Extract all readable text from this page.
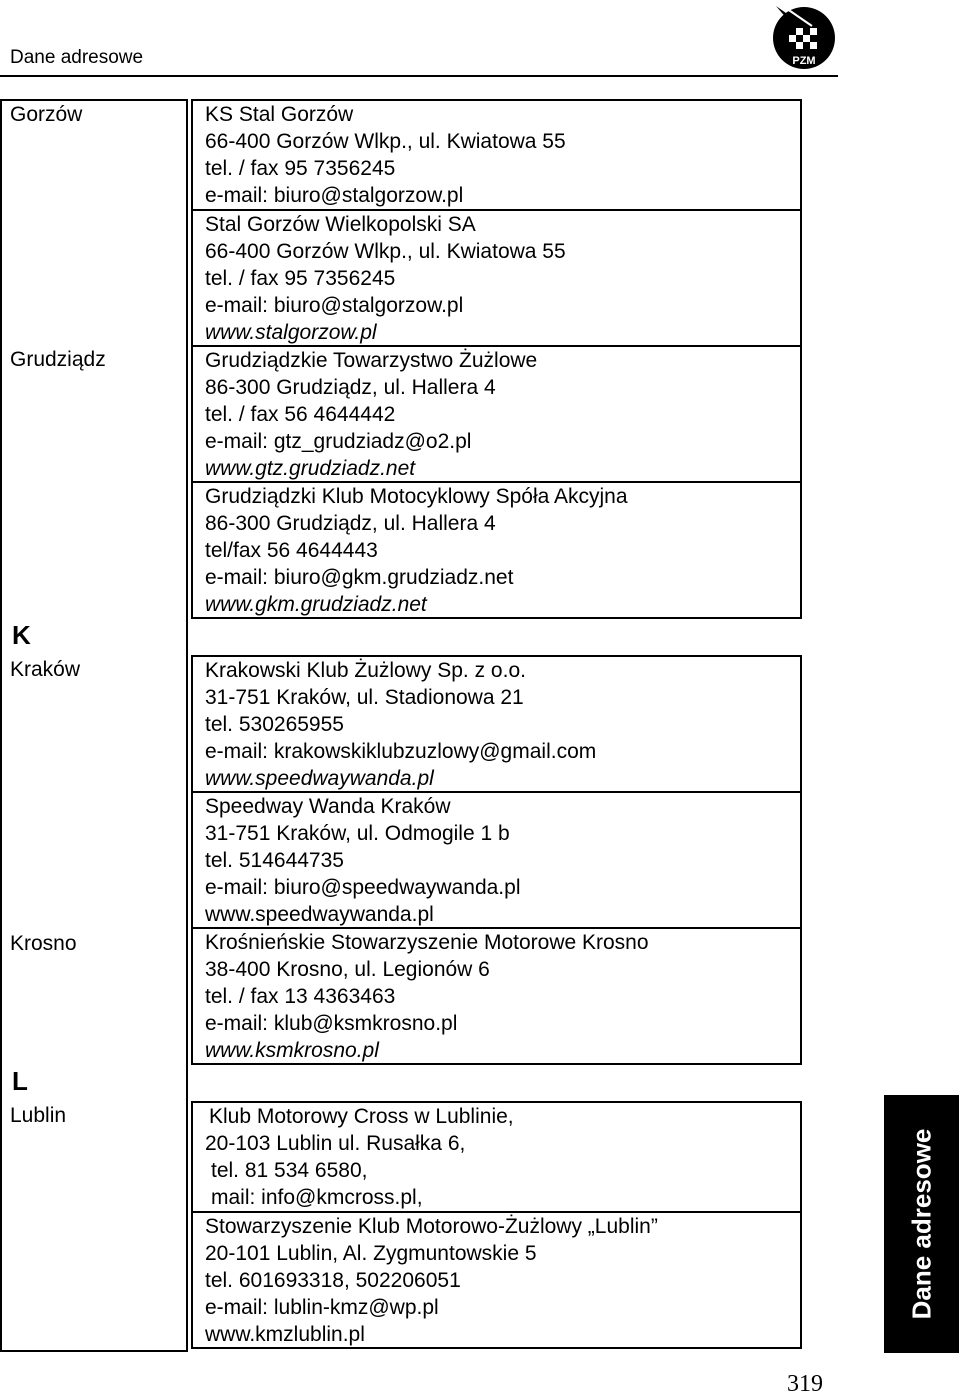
Dane adresowe	PZM
Gorzów
Grudziądz
K
Kraków
Krosno
L
Lublin
KS Stal Gorzów
66-400 Gorzów Wlkp., ul. Kwiatowa 55
tel. / fax 95 7356245
e-mail: biuro@stalgorzow.pl
Stal Gorzów Wielkopolski SA
66-400 Gorzów Wlkp., ul. Kwiatowa 55
tel. / fax 95 7356245
e-mail: biuro@stalgorzow.pl
www.stalgorzow.pl
Grudziądzkie Towarzystwo Żużlowe
86-300 Grudziądz, ul. Hallera 4
tel. / fax 56 4644442
e-mail: gtz_grudziadz@o2.pl
www.gtz.grudziadz.net
Grudziądzki Klub Motocyklowy Spóła Akcyjna
86-300 Grudziądz, ul. Hallera 4
tel/fax 56 4644443
e-mail: biuro@gkm.grudziadz.net
www.gkm.grudziadz.net
Krakowski Klub Żużlowy Sp. z o.o.
31-751 Kraków, ul. Stadionowa 21
tel. 530265955
e-mail: krakowskiklubzuzlowy@gmail.com
www.speedwaywanda.pl
Speedway Wanda Kraków
31-751 Kraków, ul. Odmogile 1 b
tel. 514644735
e-mail: biuro@speedwaywanda.pl
www.speedwaywanda.pl
Krośnieńskie Stowarzyszenie Motorowe Krosno
38-400 Krosno, ul. Legionów 6
tel. / fax 13 4363463
e-mail: klub@ksmkrosno.pl
www.ksmkrosno.pl
Klub Motorowy Cross w Lublinie,
20-103 Lublin ul. Rusałka 6,
tel. 81 534 6580,
mail: info@kmcross.pl,
Stowarzyszenie Klub Motorowo-Żużlowy „Lublin”
20-101 Lublin, Al. Zygmuntowskie 5
tel. 601693318, 502206051
e-mail: lublin-kmz@wp.pl
www.kmzlublin.pl
Dane adresowe
319
